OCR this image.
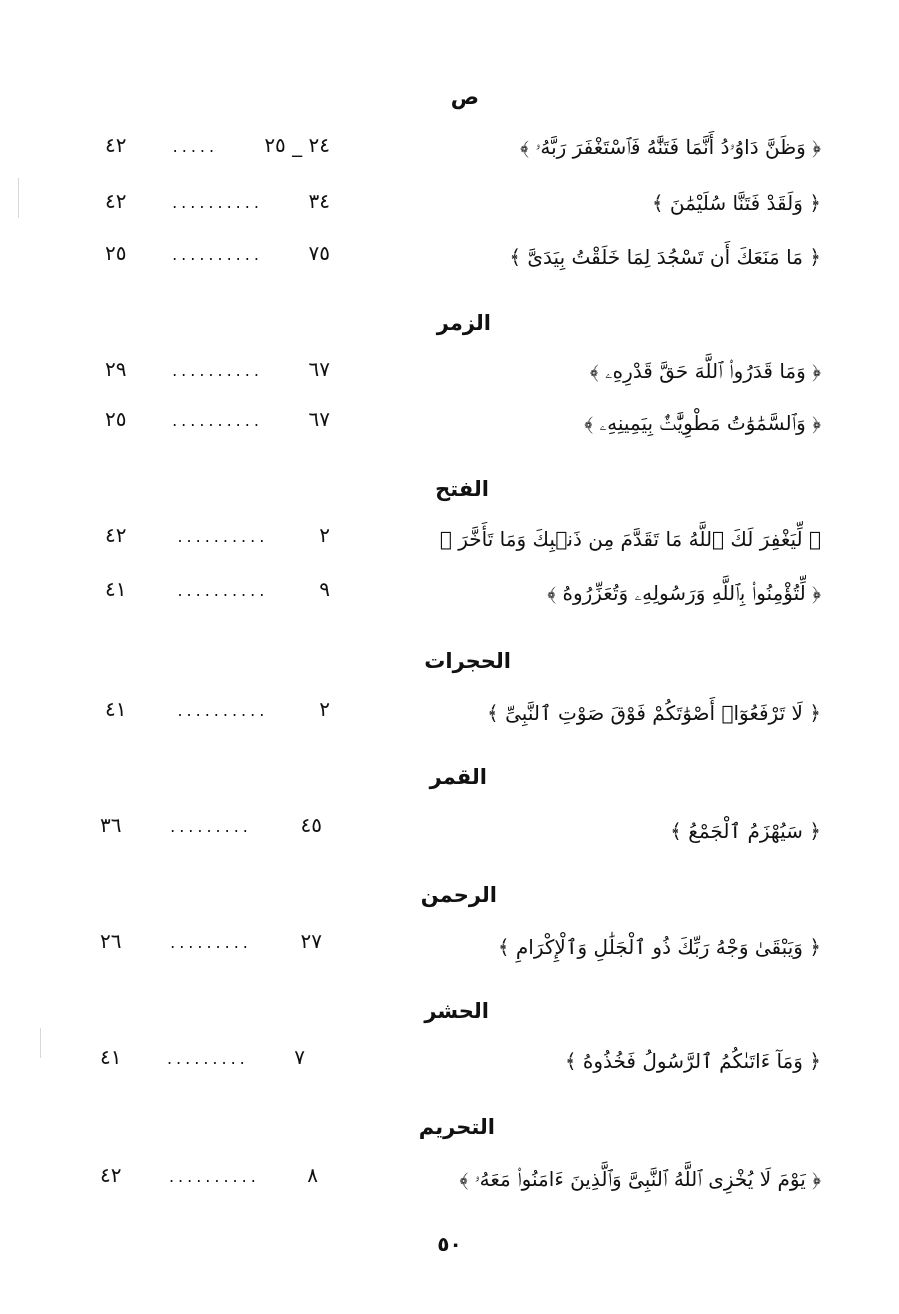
ص
﴿ وَظَنَّ دَاوُۥدُ أَنَّمَا فَتَنَّٰهُ فَٱسْتَغْفَرَ رَبَّهُۥ ﴾
٢٤ _ ٢٥
.....
٤٢
﴿ وَلَقَدْ فَتَنَّا سُلَيْمَٰنَ ﴾
٣٤
..........
٤٢
﴿ مَا مَنَعَكَ أَن تَسْجُدَ لِمَا خَلَقْتُ بِيَدَىَّ ﴾
٧٥
..........
٢٥
الزمر
﴿ وَمَا قَدَرُوا۟ ٱللَّهَ حَقَّ قَدْرِهِۦ ﴾
٦٧
..........
٢٩
﴿ وَٱلسَّمَٰوَٰتُ مَطْوِيَّٰتٌۢ بِيَمِينِهِۦ ﴾
٦٧
..........
٢٥
الفتح
﴿ لِّيَغْفِرَ لَكَ ٱللَّهُ مَا تَقَدَّمَ مِن ذَنۢبِكَ وَمَا تَأَخَّرَ ﴾
٢
..........
٤٢
﴿ لِّتُؤْمِنُوا۟ بِٱللَّهِ وَرَسُولِهِۦ وَتُعَزِّرُوهُ ﴾
٩
..........
٤١
الحجرات
﴿ لَا تَرْفَعُوٓا۟ أَصْوَٰتَكُمْ فَوْقَ صَوْتِ ٱلنَّبِىِّ ﴾
٢
..........
٤١
القمر
﴿ سَيُهْزَمُ ٱلْجَمْعُ ﴾
٤٥
.........
٣٦
الرحمن
﴿ وَيَبْقَىٰ وَجْهُ رَبِّكَ ذُو ٱلْجَلَٰلِ وَٱلْإِكْرَامِ ﴾
٢٧
.........
٢٦
الحشر
﴿ وَمَآ ءَاتَىٰكُمُ ٱلرَّسُولُ فَخُذُوهُ ﴾
٧
.........
٤١
التحريم
﴿ يَوْمَ لَا يُخْزِى ٱللَّهُ ٱلنَّبِىَّ وَٱلَّذِينَ ءَامَنُوا۟ مَعَهُۥ ﴾
٨
..........
٤٢
٥٠
